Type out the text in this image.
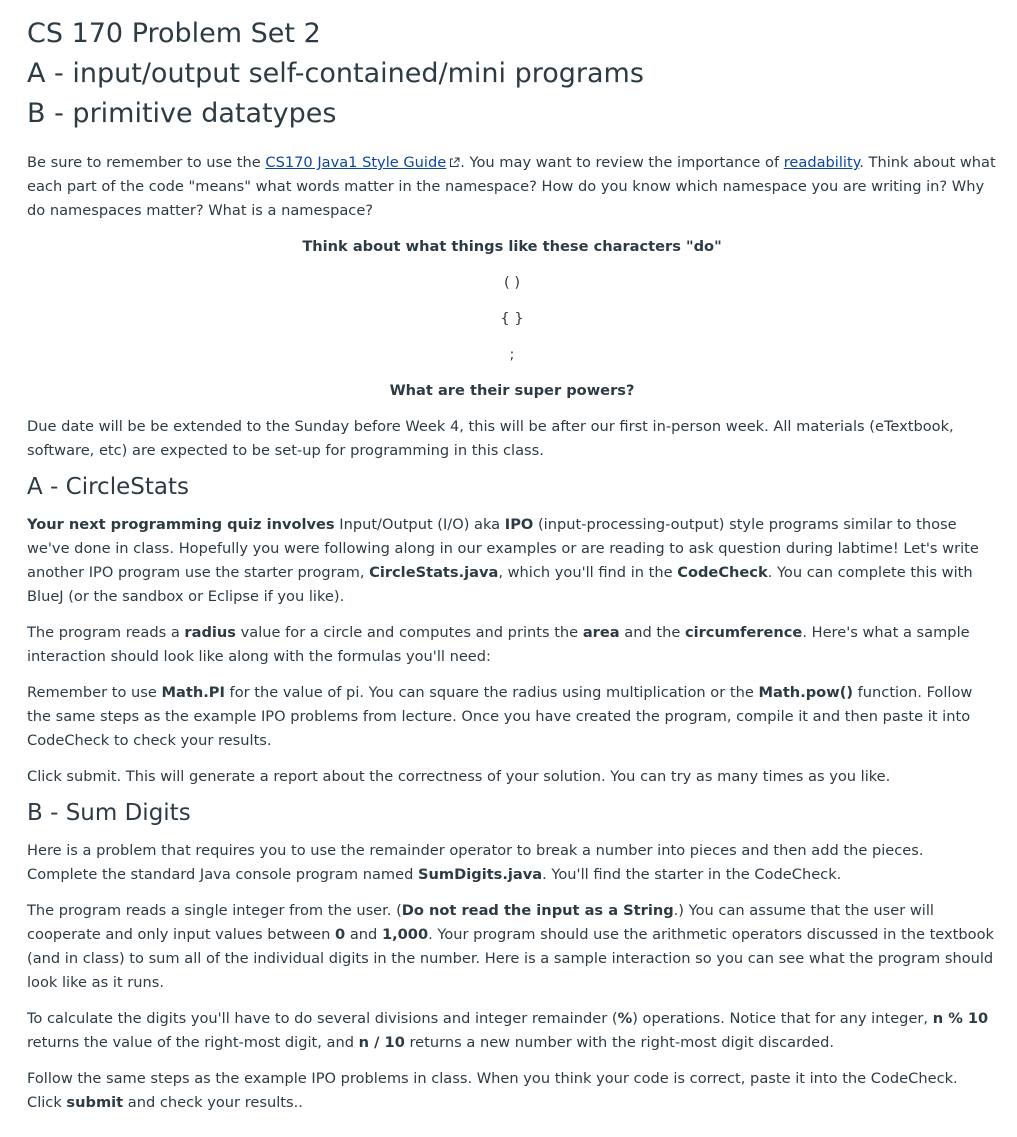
CS 170 Problem Set 2
A - input/output self-contained/mini programs
B - primitive datatypes

Be sure to remember to use the CS170 Java1 Style Guide . You may want to review the importance of readability. Think about what each part of the code "means" what words matter in the namespace? How do you know which namespace you are writing in? Why do namespaces matter? What is a namespace?

Think about what things like these characters "do"

( )
{ }
;

What are their super powers?

Due date will be be extended to the Sunday before Week 4, this will be after our first in-person week. All materials (eTextbook, software, etc) are expected to be set-up for programming in this class.

A - CircleStats

Your next programming quiz involves Input/Output (I/O) aka IPO (input-processing-output) style programs similar to those we've done in class. Hopefully you were following along in our examples or are reading to ask question during labtime! Let's write another IPO program use the starter program, CircleStats.java, which you'll find in the CodeCheck. You can complete this with BlueJ (or the sandbox or Eclipse if you like).

The program reads a radius value for a circle and computes and prints the area and the circumference. Here's what a sample interaction should look like along with the formulas you'll need:

Remember to use Math.PI for the value of pi. You can square the radius using multiplication or the Math.pow() function. Follow the same steps as the example IPO problems from lecture. Once you have created the program, compile it and then paste it into CodeCheck to check your results.

Click submit. This will generate a report about the correctness of your solution. You can try as many times as you like.

B - Sum Digits

Here is a problem that requires you to use the remainder operator to break a number into pieces and then add the pieces. Complete the standard Java console program named SumDigits.java. You'll find the starter in the CodeCheck.

The program reads a single integer from the user. (Do not read the input as a String.) You can assume that the user will cooperate and only input values between 0 and 1,000. Your program should use the arithmetic operators discussed in the textbook (and in class) to sum all of the individual digits in the number. Here is a sample interaction so you can see what the program should look like as it runs.

To calculate the digits you'll have to do several divisions and integer remainder (%) operations. Notice that for any integer, n % 10 returns the value of the right-most digit, and n / 10 returns a new number with the right-most digit discarded.

Follow the same steps as the example IPO problems in class. When you think your code is correct, paste it into the CodeCheck. Click submit and check your results..
